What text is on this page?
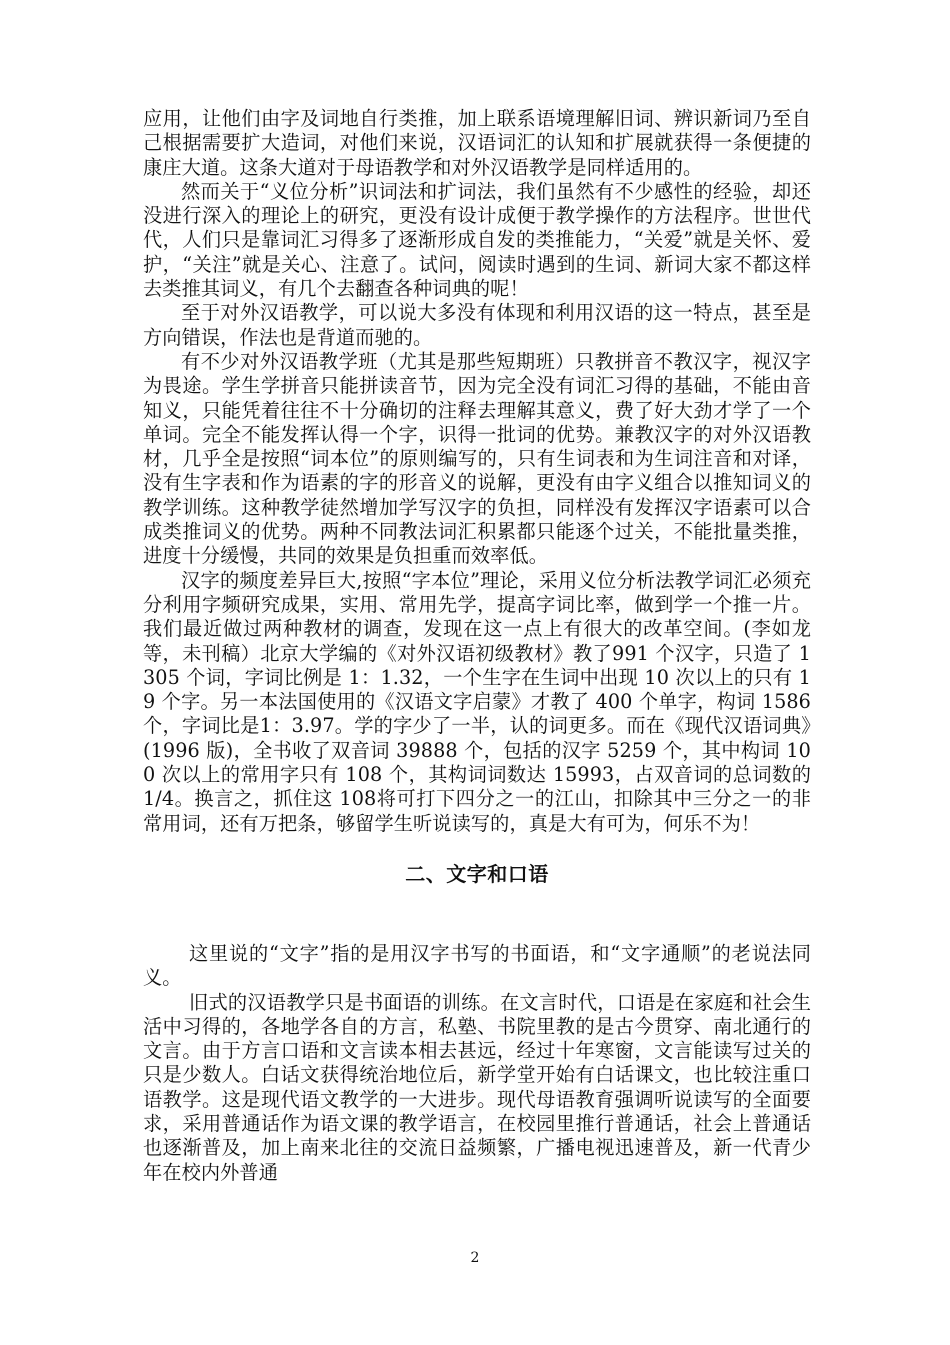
应用，让他们由字及词地自行类推，加上联系语境理解旧词、辨识新词乃至自己根据需要扩大造词，对他们来说，汉语词汇的认知和扩展就获得一条便捷的康庄大道。这条大道对于母语教学和对外汉语教学是同样适用的。

然而关于“义位分析”识词法和扩词法，我们虽然有不少感性的经验，却还没进行深入的理论上的研究，更没有设计成便于教学操作的方法程序。世世代代，人们只是靠词汇习得多了逐渐形成自发的类推能力，“关爱”就是关怀、爱护，“关注”就是关心、注意了。试问，阅读时遇到的生词、新词大家不都这样去类推其词义，有几个去翻查各种词典的呢！

至于对外汉语教学，可以说大多没有体现和利用汉语的这一特点，甚至是方向错误，作法也是背道而驰的。

有不少对外汉语教学班（尤其是那些短期班）只教拼音不教汉字，视汉字为畏途。学生学拼音只能拼读音节，因为完全没有词汇习得的基础，不能由音知义，只能凭着往往不十分确切的注释去理解其意义，费了好大劲才学了一个单词。完全不能发挥认得一个字，识得一批词的优势。兼教汉字的对外汉语教材，几乎全是按照“词本位”的原则编写的，只有生词表和为生词注音和对译，没有生字表和作为语素的字的形音义的说解，更没有由字义组合以推知词义的教学训练。这种教学徒然增加学写汉字的负担，同样没有发挥汉字语素可以合成类推词义的优势。两种不同教法词汇积累都只能逐个过关，不能批量类推，进度十分缓慢，共同的效果是负担重而效率低。

汉字的频度差异巨大,按照“字本位”理论，采用义位分析法教学词汇必须充分利用字频研究成果，实用、常用先学，提高字词比率，做到学一个推一片。我们最近做过两种教材的调查，发现在这一点上有很大的改革空间。(李如龙等，未刊稿）北京大学编的《对外汉语初级教材》教了991 个汉字，只造了 1305 个词，字词比例是 1：1.32，一个生字在生词中出现 10 次以上的只有 19 个字。另一本法国使用的《汉语文字启蒙》才教了 400 个单字，构词 1586 个，字词比是1：3.97。学的字少了一半，认的词更多。而在《现代汉语词典》(1996 版)，全书收了双音词 39888 个，包括的汉字 5259 个，其中构词 100 次以上的常用字只有 108 个，其构词词数达 15993，占双音词的总词数的 1/4。换言之，抓住这 108将可打下四分之一的江山，扣除其中三分之一的非常用词，还有万把条，够留学生听说读写的，真是大有可为，何乐不为！

二、文字和口语

这里说的“文字”指的是用汉字书写的书面语，和“文字通顺”的老说法同义。

旧式的汉语教学只是书面语的训练。在文言时代，口语是在家庭和社会生活中习得的，各地学各自的方言，私塾、书院里教的是古今贯穿、南北通行的文言。由于方言口语和文言读本相去甚远，经过十年寒窗，文言能读写过关的只是少数人。白话文获得统治地位后，新学堂开始有白话课文，也比较注重口语教学。这是现代语文教学的一大进步。现代母语教育强调听说读写的全面要求，采用普通话作为语文课的教学语言，在校园里推行普通话，社会上普通话也逐渐普及，加上南来北往的交流日益频繁，广播电视迅速普及，新一代青少年在校内外普通

2
